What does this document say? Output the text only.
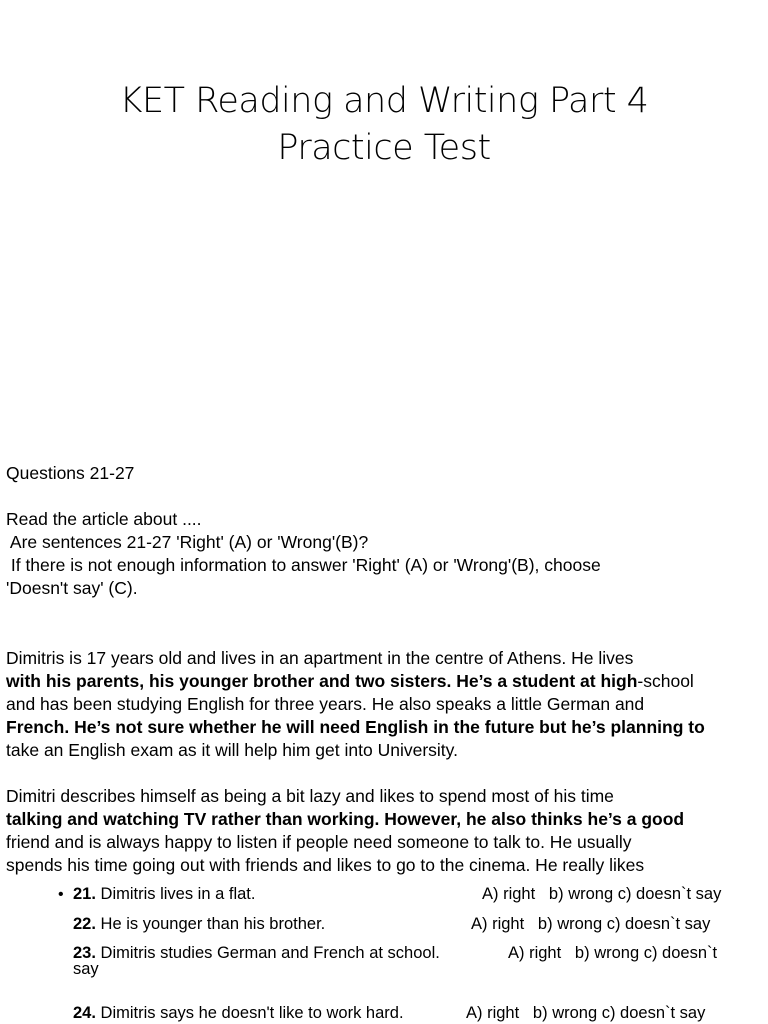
KET Reading and Writing Part 4
Practice Test
Questions 21-27
Read the article about ....
Are sentences 21-27 'Right' (A) or 'Wrong'(B)?
If there is not enough information to answer 'Right' (A) or 'Wrong'(B), choose
'Doesn't say' (C).
Dimitris is 17 years old and lives in an apartment in the centre of Athens. He lives
with his parents, his younger brother and two sisters. He’s a student at high-school
and has been studying English for three years. He also speaks a little German and
French. He’s not sure whether he will need English in the future but he’s planning to
take an English exam as it will help him get into University.
Dimitri describes himself as being a bit lazy and likes to spend most of his time
talking and watching TV rather than working. However, he also thinks he’s a good
friend and is always happy to listen if people need someone to talk to. He usually
spends his time going out with friends and likes to go to the cinema. He really likes
• 21. Dimitris lives in a flat.	A) right   b) wrong c) doesn`t say
22. He is younger than his brother.	A) right   b) wrong c) doesn`t say
23. Dimitris studies German and French at school.	A) right   b) wrong c) doesn`t
say
24. Dimitris says he doesn't like to work hard.	A) right   b) wrong c) doesn`t say
